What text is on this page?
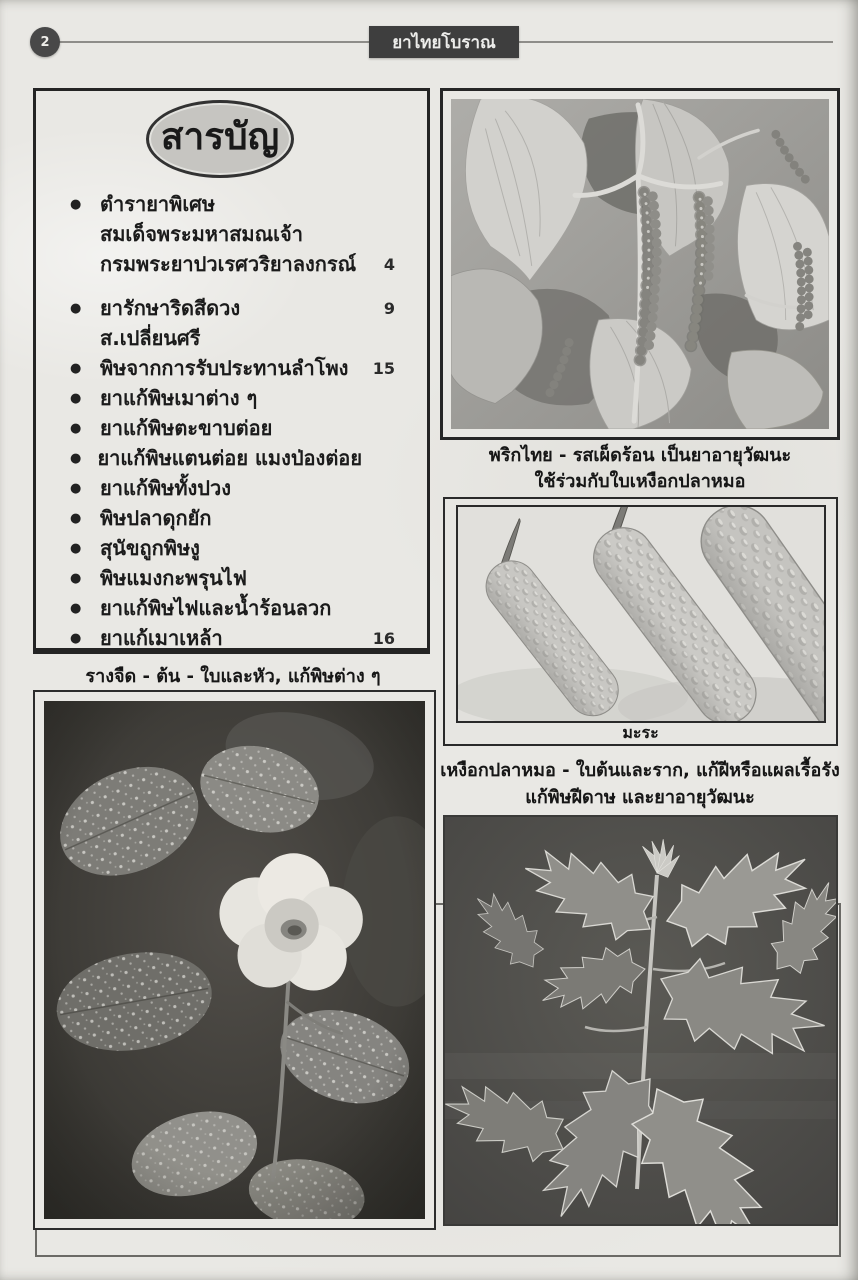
2	ยาไทยโบราณ
สารบัญ
● ตำรายาพิเศษ
สมเด็จพระมหาสมณเจ้า
กรมพระยาปวเรศวริยาลงกรณ์	4
● ยารักษาริดสีดวง	9
ส.เปลี่ยนศรี
● พิษจากการรับประทานลำโพง	15
● ยาแก้พิษเมาต่าง ๆ
● ยาแก้พิษตะขาบต่อย
● ยาแก้พิษแตนต่อย แมงป่องต่อย
● ยาแก้พิษทั้งปวง
● พิษปลาดุกยัก
● สุนัขถูกพิษงู
● พิษแมงกะพรุนไฟ
● ยาแก้พิษไฟและน้ำร้อนลวก
● ยาแก้เมาเหล้า	16
พริกไทย - รสเผ็ดร้อน เป็นยาอายุวัฒนะ
ใช้ร่วมกับใบเหงือกปลาหมอ
มะระ
เหงือกปลาหมอ - ใบต้นและราก, แก้ฝีหรือแผลเรื้อรัง
แก้พิษฝีดาษ และยาอายุวัฒนะ
รางจืด - ต้น - ใบและหัว, แก้พิษต่าง ๆ
